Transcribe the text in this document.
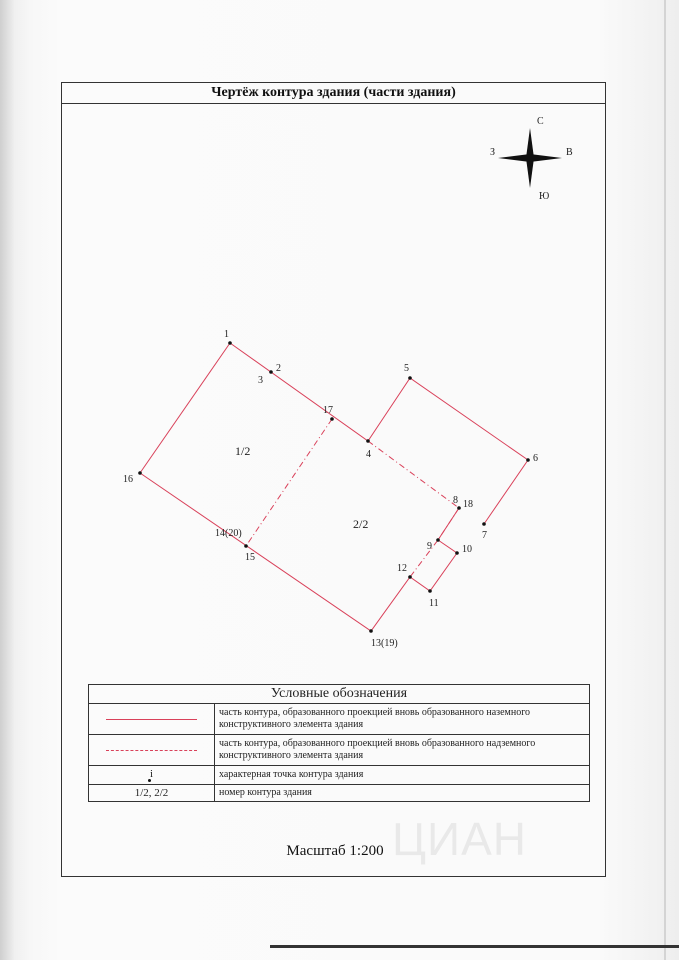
Чертёж контура здания (части здания)
С
Ю
З	В
1
2
3
4
5
6
7
8 18
9	10
11
12
13(19)
14(20)
15
16
17
1/2
2/2
Условные обозначения	

	часть контура, образованного проекцией вновь образованного наземного конструктивного элемента здания

	часть контура, образованного проекцией вновь образованного надземного конструктивного элемента здания
i	характерная точка контура здания
1/2, 2/2	номер контура здания
ЦИАН
Масштаб 1:200
